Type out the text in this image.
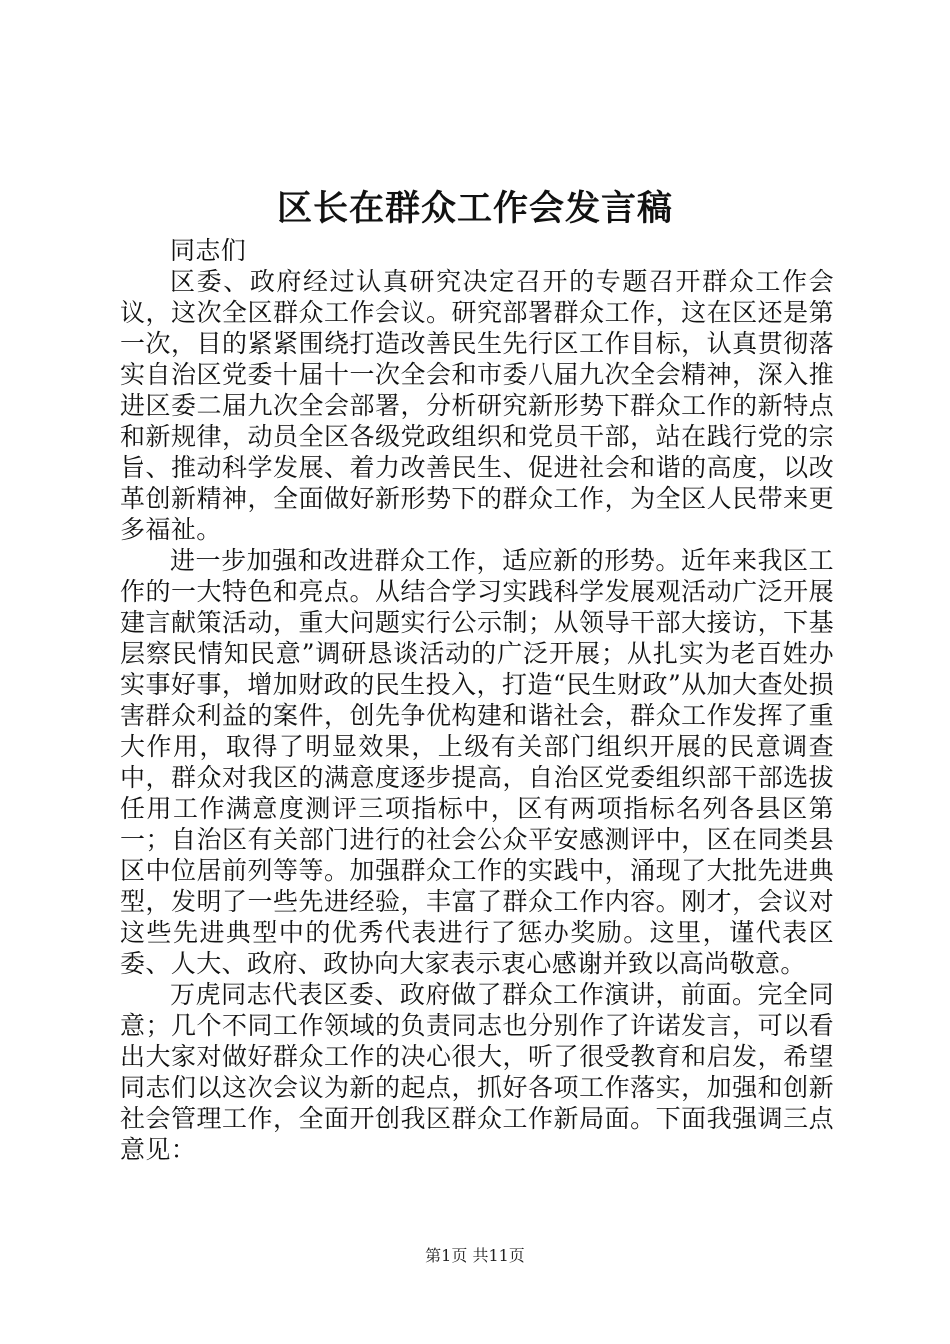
区长在群众工作会发言稿

同志们

区委、政府经过认真研究决定召开的专题召开群众工作会议，这次全区群众工作会议。研究部署群众工作，这在区还是第一次，目的紧紧围绕打造改善民生先行区工作目标，认真贯彻落实自治区党委十届十一次全会和市委八届九次全会精神，深入推进区委二届九次全会部署，分析研究新形势下群众工作的新特点和新规律，动员全区各级党政组织和党员干部，站在践行党的宗旨、推动科学发展、着力改善民生、促进社会和谐的高度，以改革创新精神，全面做好新形势下的群众工作，为全区人民带来更多福祉。

进一步加强和改进群众工作，适应新的形势。近年来我区工作的一大特色和亮点。从结合学习实践科学发展观活动广泛开展建言献策活动，重大问题实行公示制；从领导干部大接访，下基层察民情知民意”调研恳谈活动的广泛开展；从扎实为老百姓办实事好事，增加财政的民生投入，打造“民生财政”从加大查处损害群众利益的案件，创先争优构建和谐社会，群众工作发挥了重大作用，取得了明显效果，上级有关部门组织开展的民意调查中，群众对我区的满意度逐步提高，自治区党委组织部干部选拔任用工作满意度测评三项指标中，区有两项指标名列各县区第一；自治区有关部门进行的社会公众平安感测评中，区在同类县区中位居前列等等。加强群众工作的实践中，涌现了大批先进典型，发明了一些先进经验，丰富了群众工作内容。刚才，会议对这些先进典型中的优秀代表进行了惩办奖励。这里，谨代表区委、人大、政府、政协向大家表示衷心感谢并致以高尚敬意。

万虎同志代表区委、政府做了群众工作演讲，前面。完全同意；几个不同工作领域的负责同志也分别作了许诺发言，可以看出大家对做好群众工作的决心很大，听了很受教育和启发，希望同志们以这次会议为新的起点，抓好各项工作落实，加强和创新社会管理工作，全面开创我区群众工作新局面。下面我强调三点意见：

第1页 共11页
